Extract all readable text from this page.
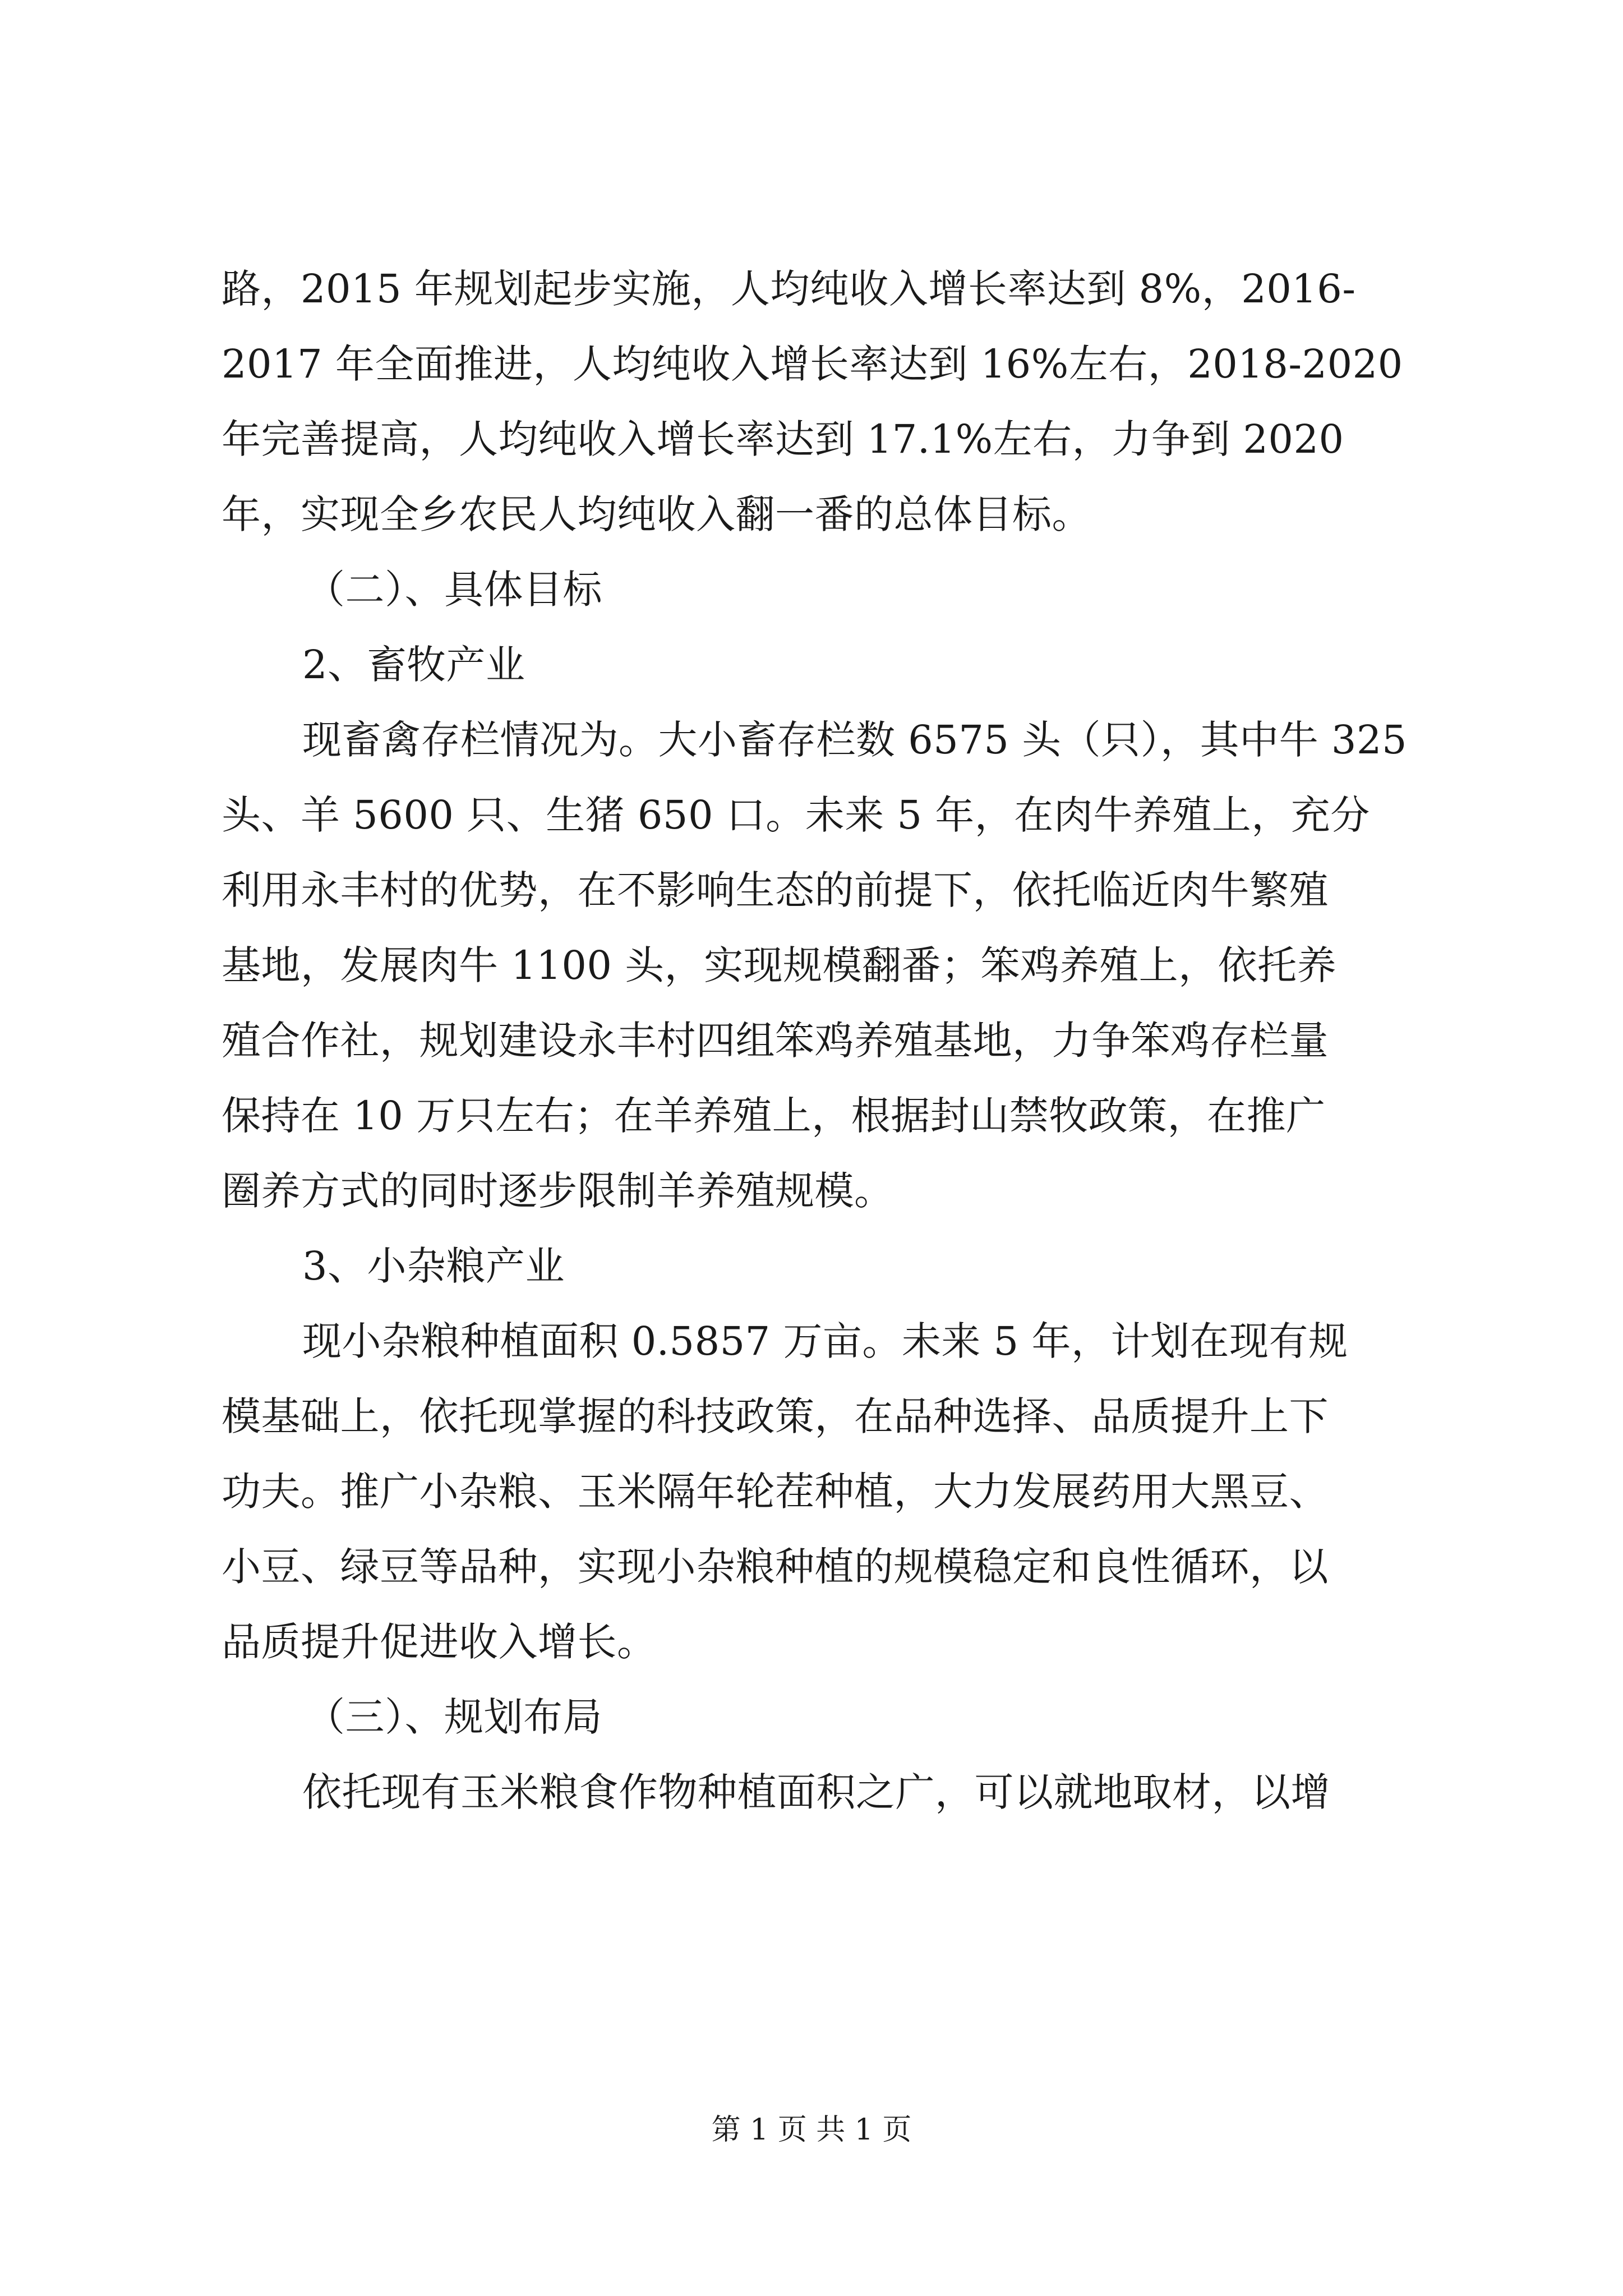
路，2015 年规划起步实施，人均纯收入增长率达到 8%，2016-
2017 年全面推进，人均纯收入增长率达到 16%左右，2018-2020
年完善提高，人均纯收入增长率达到 17.1%左右，力争到 2020
年，实现全乡农民人均纯收入翻一番的总体目标。
（二）、具体目标
2、畜牧产业
现畜禽存栏情况为。大小畜存栏数 6575 头（只），其中牛 325
头、羊 5600 只、生猪 650 口。未来 5 年，在肉牛养殖上，充分
利用永丰村的优势，在不影响生态的前提下，依托临近肉牛繁殖
基地，发展肉牛 1100 头，实现规模翻番；笨鸡养殖上，依托养
殖合作社，规划建设永丰村四组笨鸡养殖基地，力争笨鸡存栏量
保持在 10 万只左右；在羊养殖上，根据封山禁牧政策，在推广
圈养方式的同时逐步限制羊养殖规模。
3、小杂粮产业
现小杂粮种植面积 0.5857 万亩。未来 5 年，计划在现有规
模基础上，依托现掌握的科技政策，在品种选择、品质提升上下
功夫。推广小杂粮、玉米隔年轮茬种植，大力发展药用大黑豆、
小豆、绿豆等品种，实现小杂粮种植的规模稳定和良性循环，以
品质提升促进收入增长。
（三）、规划布局
依托现有玉米粮食作物种植面积之广，可以就地取材，以增
第 1 页 共 1 页
